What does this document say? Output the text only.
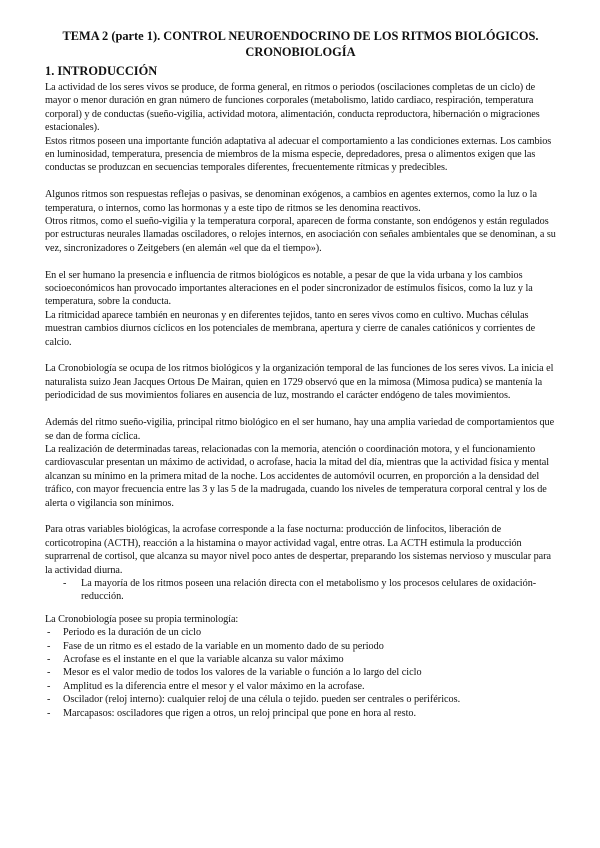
TEMA 2 (parte 1). CONTROL NEUROENDOCRINO DE LOS RITMOS BIOLÓGICOS.
CRONOBIOLOGÍA
1. INTRODUCCIÓN

La actividad de los seres vivos se produce, de forma general, en ritmos o periodos (oscilaciones completas de un ciclo) de mayor o menor duración en gran número de funciones corporales (metabolismo, latido cardiaco, respiración, temperatura corporal) y de conductas (sueño-vigilia, actividad motora, alimentación, conducta reproductora, hibernación o migraciones estacionales).

Estos ritmos poseen una importante función adaptativa al adecuar el comportamiento a las condiciones externas. Los cambios en luminosidad, temperatura, presencia de miembros de la misma especie, depredadores, presa o alimentos exigen que las conductas se produzcan en secuencias temporales diferentes, frecuentemente rítmicas y predecibles.

Algunos ritmos son respuestas reflejas o pasivas, se denominan exógenos, a cambios en agentes externos, como la luz o la temperatura, o internos, como las hormonas y a este tipo de ritmos se les denomina reactivos.

Otros ritmos, como el sueño-vigilia y la temperatura corporal, aparecen de forma constante, son endógenos y están regulados por estructuras neurales llamadas osciladores, o relojes internos, en asociación con señales ambientales que se denominan, a su vez, sincronizadores o Zeitgebers (en alemán «el que da el tiempo»).

En el ser humano la presencia e influencia de ritmos biológicos es notable, a pesar de que la vida urbana y los cambios socioeconómicos han provocado importantes alteraciones en el poder sincronizador de estímulos físicos, como la luz y la temperatura, sobre la conducta.

La ritmicidad aparece también en neuronas y en diferentes tejidos, tanto en seres vivos como en cultivo. Muchas células muestran cambios diurnos cíclicos en los potenciales de membrana, apertura y cierre de canales catiónicos y corrientes de calcio.

La Cronobiología se ocupa de los ritmos biológicos y la organización temporal de las funciones de los seres vivos. La inicia el naturalista suizo Jean Jacques Ortous De Mairan, quien en 1729 observó que en la mimosa (Mimosa pudica) se mantenía la periodicidad de sus movimientos foliares en ausencia de luz, mostrando el carácter endógeno de tales movimientos.

Además del ritmo sueño-vigilia, principal ritmo biológico en el ser humano, hay una amplia variedad de comportamientos que se dan de forma cíclica.

La realización de determinadas tareas, relacionadas con la memoria, atención o coordinación motora, y el funcionamiento cardiovascular presentan un máximo de actividad, o acrofase, hacia la mitad del día, mientras que la actividad física y mental alcanzan su mínimo en la primera mitad de la noche. Los accidentes de automóvil ocurren, en proporción a la densidad del tráfico, con mayor frecuencia entre las 3 y las 5 de la madrugada, cuando los niveles de temperatura corporal central y los de alerta o vigilancia son mínimos.

Para otras variables biológicas, la acrofase corresponde a la fase nocturna: producción de linfocitos, liberación de corticotropina (ACTH), reacción a la histamina o mayor actividad vagal, entre otras. La ACTH estimula la producción suprarrenal de cortisol, que alcanza su mayor nivel poco antes de despertar, preparando los sistemas nervioso y muscular para la actividad diurna.

- La mayoría de los ritmos poseen una relación directa con el metabolismo y los procesos celulares de oxidación-reducción.

La Cronobiología posee su propia terminología:

- Periodo es la duración de un ciclo
- Fase de un ritmo es el estado de la variable en un momento dado de su periodo
- Acrofase es el instante en el que la variable alcanza su valor máximo
- Mesor es el valor medio de todos los valores de la variable o función a lo largo del ciclo
- Amplitud es la diferencia entre el mesor y el valor máximo en la acrofase.
- Oscilador (reloj interno): cualquier reloj de una célula o tejido. pueden ser centrales o periféricos.
- Marcapasos: osciladores que rigen a otros, un reloj principal que pone en hora al resto.
